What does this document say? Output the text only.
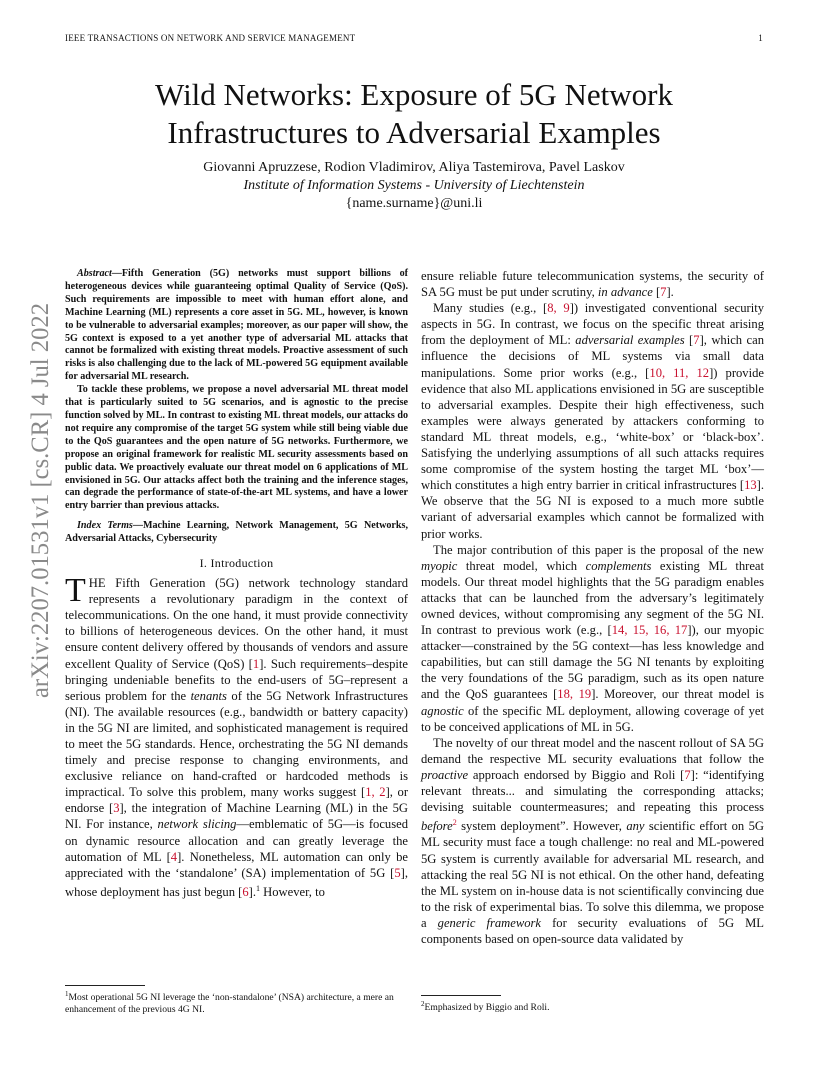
IEEE TRANSACTIONS ON NETWORK AND SERVICE MANAGEMENT	1
arXiv:2207.01531v1 [cs.CR] 4 Jul 2022
Wild Networks: Exposure of 5G Network
Infrastructures to Adversarial Examples
Giovanni Apruzzese, Rodion Vladimirov, Aliya Tastemirova, Pavel Laskov
Institute of Information Systems - University of Liechtenstein
{name.surname}@uni.li

Abstract—Fifth Generation (5G) networks must support billions of heterogeneous devices while guaranteeing optimal Quality of Service (QoS). Such requirements are impossible to meet with human effort alone, and Machine Learning (ML) represents a core asset in 5G. ML, however, is known to be vulnerable to adversarial examples; moreover, as our paper will show, the 5G context is exposed to a yet another type of adversarial ML attacks that cannot be formalized with existing threat models. Proactive assessment of such risks is also challenging due to the lack of ML-powered 5G equipment available for adversarial ML research.

To tackle these problems, we propose a novel adversarial ML threat model that is particularly suited to 5G scenarios, and is agnostic to the precise function solved by ML. In contrast to existing ML threat models, our attacks do not require any compromise of the target 5G system while still being viable due to the QoS guarantees and the open nature of 5G networks. Furthermore, we propose an original framework for realistic ML security assessments based on public data. We proactively evaluate our threat model on 6 applications of ML envisioned in 5G. Our attacks affect both the training and the inference stages, can degrade the performance of state-of-the-art ML systems, and have a lower entry barrier than previous attacks.

Index Terms—Machine Learning, Network Management, 5G Networks, Adversarial Attacks, Cybersecurity

I. Introduction

THE Fifth Generation (5G) network technology standard represents a revolutionary paradigm in the context of telecommunications. On the one hand, it must provide connectivity to billions of heterogeneous devices. On the other hand, it must ensure content delivery offered by thousands of vendors and assure excellent Quality of Service (QoS) [1]. Such requirements–despite bringing undeniable benefits to the end-users of 5G–represent a serious problem for the tenants of the 5G Network Infrastructures (NI). The available resources (e.g., bandwidth or battery capacity) in the 5G NI are limited, and sophisticated management is required to meet the 5G standards. Hence, orchestrating the 5G NI demands timely and precise response to changing environments, and exclusive reliance on hand-crafted or hardcoded methods is impractical. To solve this problem, many works suggest [1, 2], or endorse [3], the integration of Machine Learning (ML) in the 5G NI. For instance, network slicing—emblematic of 5G—is focused on dynamic resource allocation and can greatly leverage the automation of ML [4]. Nonetheless, ML automation can only be appreciated with the ‘standalone’ (SA) implementation of 5G [5], whose deployment has just begun [6].$^1$ However, to

ensure reliable future telecommunication systems, the security of SA 5G must be put under scrutiny, in advance [7].

Many studies (e.g., [8, 9]) investigated conventional security aspects in 5G. In contrast, we focus on the specific threat arising from the deployment of ML: adversarial examples [7], which can influence the decisions of ML systems via small data manipulations. Some prior works (e.g., [10, 11, 12]) provide evidence that also ML applications envisioned in 5G are susceptible to adversarial examples. Despite their high effectiveness, such examples were always generated by attackers conforming to standard ML threat models, e.g., ‘white-box’ or ‘black-box’. Satisfying the underlying assumptions of all such attacks requires some compromise of the system hosting the target ML ‘box’—which constitutes a high entry barrier in critical infrastructures [13]. We observe that the 5G NI is exposed to a much more subtle variant of adversarial examples which cannot be formalized with prior works.

The major contribution of this paper is the proposal of the new myopic threat model, which complements existing ML threat models. Our threat model highlights that the 5G paradigm enables attacks that can be launched from the adversary’s legitimately owned devices, without compromising any segment of the 5G NI. In contrast to previous work (e.g., [14, 15, 16, 17]), our myopic attacker—constrained by the 5G context—has less knowledge and capabilities, but can still damage the 5G NI tenants by exploiting the very foundations of the 5G paradigm, such as its open nature and the QoS guarantees [18, 19]. Moreover, our threat model is agnostic of the specific ML deployment, allowing coverage of yet to be conceived applications of ML in 5G.

The novelty of our threat model and the nascent rollout of SA 5G demand the respective ML security evaluations that follow the proactive approach endorsed by Biggio and Roli [7]: “identifying relevant threats... and simulating the corresponding attacks; devising suitable countermeasures; and repeating this process before$^2$ system deployment”. However, any scientific effort on 5G ML security must face a tough challenge: no real and ML-powered 5G system is currently available for adversarial ML research, and attacking the real 5G NI is not ethical. On the other hand, defeating the ML system on in-house data is not scientifically convincing due to the risk of experimental bias. To solve this dilemma, we propose a generic framework for security evaluations of 5G ML components based on open-source data validated by

$^1$Most operational 5G NI leverage the ‘non-standalone’ (NSA) architecture, a mere an enhancement of the previous 4G NI.	$^2$Emphasized by Biggio and Roli.
